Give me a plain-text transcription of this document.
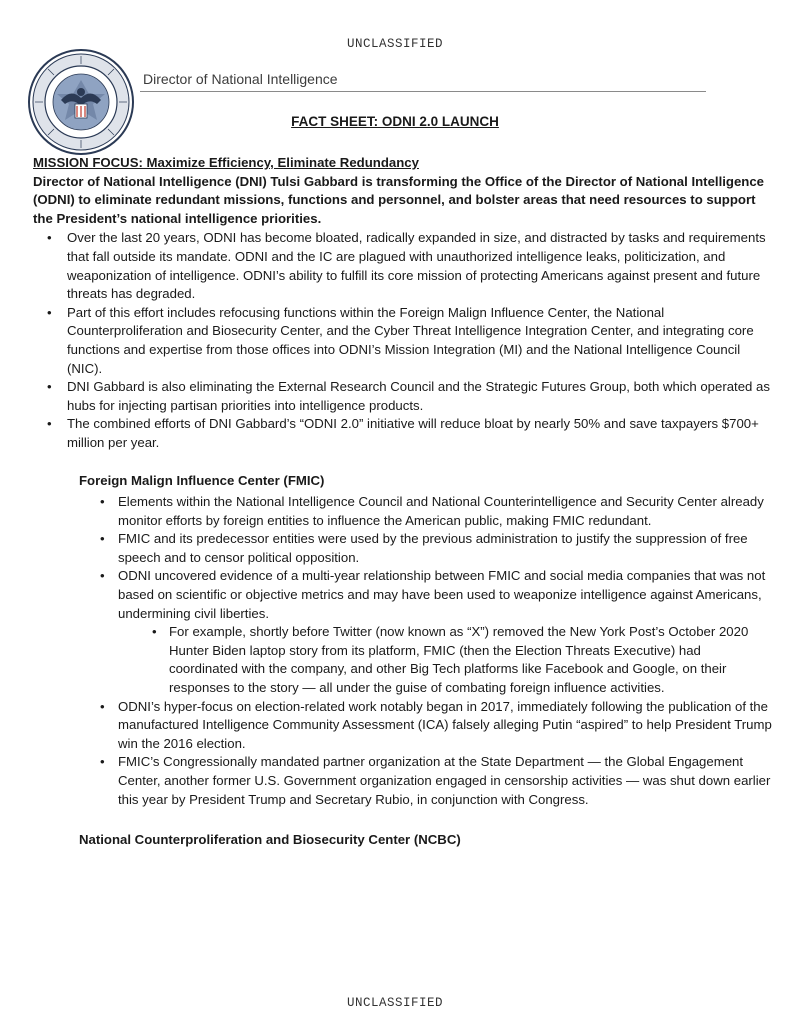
UNCLASSIFIED
Director of National Intelligence
FACT SHEET: ODNI 2.0 LAUNCH
MISSION FOCUS: Maximize Efficiency, Eliminate Redundancy
Director of National Intelligence (DNI) Tulsi Gabbard is transforming the Office of the Director of National Intelligence (ODNI) to eliminate redundant missions, functions and personnel, and bolster areas that need resources to support the President’s national intelligence priorities.
• Over the last 20 years, ODNI has become bloated, radically expanded in size, and distracted by tasks and requirements that fall outside its mandate. ODNI and the IC are plagued with unauthorized intelligence leaks, politicization, and weaponization of intelligence. ODNI’s ability to fulfill its core mission of protecting Americans against present and future threats has degraded.
• Part of this effort includes refocusing functions within the Foreign Malign Influence Center, the National Counterproliferation and Biosecurity Center, and the Cyber Threat Intelligence Integration Center, and integrating core functions and expertise from those offices into ODNI’s Mission Integration (MI) and the National Intelligence Council (NIC).
• DNI Gabbard is also eliminating the External Research Council and the Strategic Futures Group, both which operated as hubs for injecting partisan priorities into intelligence products.
• The combined efforts of DNI Gabbard’s “ODNI 2.0” initiative will reduce bloat by nearly 50% and save taxpayers $700+ million per year.
Foreign Malign Influence Center (FMIC)
• Elements within the National Intelligence Council and National Counterintelligence and Security Center already monitor efforts by foreign entities to influence the American public, making FMIC redundant.
• FMIC and its predecessor entities were used by the previous administration to justify the suppression of free speech and to censor political opposition.
• ODNI uncovered evidence of a multi-year relationship between FMIC and social media companies that was not based on scientific or objective metrics and may have been used to weaponize intelligence against Americans, undermining civil liberties.
• For example, shortly before Twitter (now known as “X”) removed the New York Post’s October 2020 Hunter Biden laptop story from its platform, FMIC (then the Election Threats Executive) had coordinated with the company, and other Big Tech platforms like Facebook and Google, on their responses to the story — all under the guise of combating foreign influence activities.
• ODNI’s hyper-focus on election-related work notably began in 2017, immediately following the publication of the manufactured Intelligence Community Assessment (ICA) falsely alleging Putin “aspired” to help President Trump win the 2016 election.
• FMIC’s Congressionally mandated partner organization at the State Department — the Global Engagement Center, another former U.S. Government organization engaged in censorship activities — was shut down earlier this year by President Trump and Secretary Rubio, in conjunction with Congress.
National Counterproliferation and Biosecurity Center (NCBC)
UNCLASSIFIED
